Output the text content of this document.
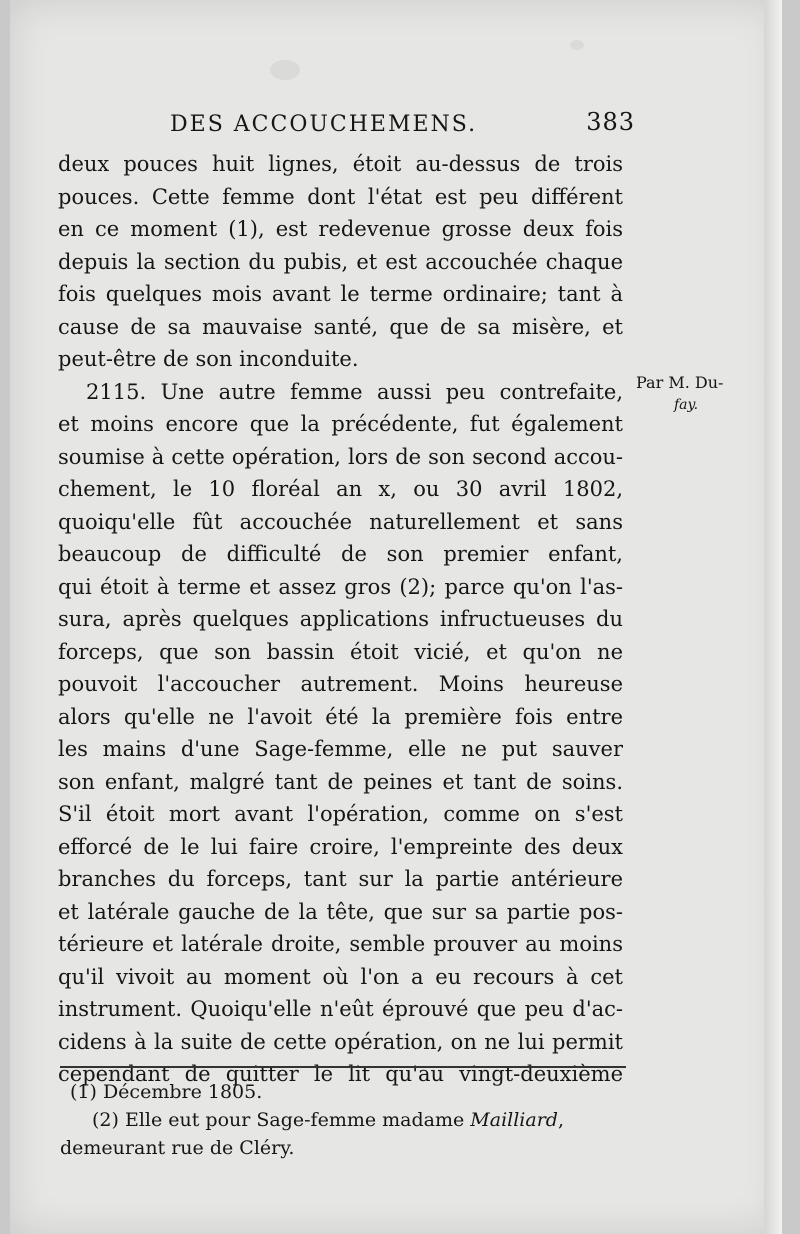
DES ACCOUCHEMENS.	383
deux pouces huit lignes, étoit au-dessus de trois
pouces. Cette femme dont l'état est peu différent
en ce moment (1), est redevenue grosse deux fois
depuis la section du pubis, et est accouchée chaque
fois quelques mois avant le terme ordinaire; tant à
cause de sa mauvaise santé, que de sa misère, et
peut-être de son inconduite.
2115. Une autre femme aussi peu contrefaite,
et moins encore que la précédente, fut également
soumise à cette opération, lors de son second accou-
chement, le 10 floréal an x, ou 30 avril 1802,
quoiqu'elle fût accouchée naturellement et sans
beaucoup de difficulté de son premier enfant,
qui étoit à terme et assez gros (2); parce qu'on l'as-
sura, après quelques applications infructueuses du
forceps, que son bassin étoit vicié, et qu'on ne
pouvoit l'accoucher autrement. Moins heureuse
alors qu'elle ne l'avoit été la première fois entre
les mains d'une Sage-femme, elle ne put sauver
son enfant, malgré tant de peines et tant de soins.
S'il étoit mort avant l'opération, comme on s'est
efforcé de le lui faire croire, l'empreinte des deux
branches du forceps, tant sur la partie antérieure
et latérale gauche de la tête, que sur sa partie pos-
térieure et latérale droite, semble prouver au moins
qu'il vivoit au moment où l'on a eu recours à cet
instrument. Quoiqu'elle n'eût éprouvé que peu d'ac-
cidens à la suite de cette opération, on ne lui permit
cependant de quitter le lit qu'au vingt-deuxième
Par M. Du-
fay.
(1) Décembre 1805.
(2) Elle eut pour Sage-femme madame Mailliard,
demeurant rue de Cléry.
